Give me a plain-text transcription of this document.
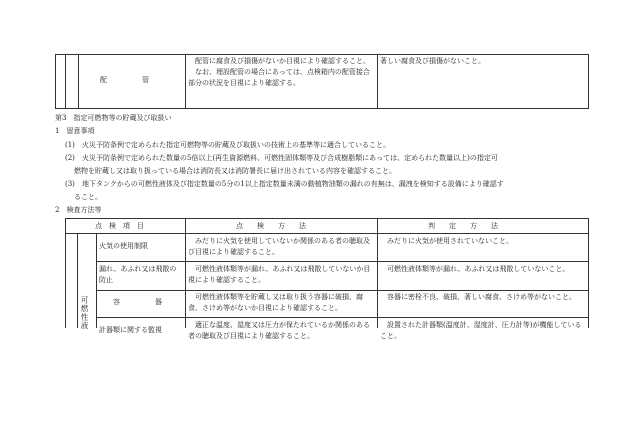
配　　　　　管
　配管に腐食及び損傷がないか目視により確認すること。
　なお、埋設配管の場合にあっては、点検箱内の配管接合部分の状況を目視により確認する。
著しい腐食及び損傷がないこと。
第3　指定可燃物等の貯蔵及び取扱い
1　留意事項
(1) 火災予防条例で定められた指定可燃物等の貯蔵及び取扱いの技術上の基準等に適合していること。
(2) 火災予防条例で定められた数量の5倍以上(再生資源燃料、可燃性固体類等及び合成樹脂類にあっては、定められた数量以上)の指定可
燃物を貯蔵し又は取り扱っている場合は消防長又は消防署長に届け出されている内容を確認すること。
(3) 地下タンクからの可燃性液体及び指定数量の5分の1以上指定数量未満の動植物油類の漏れの有無は、漏洩を検知する設備により確認す
ること。
2　検査方法等
点　検　項　目	点　　検　　方　　法	判　　定　　方　　法
可燃性液
火気の使用制限
　みだりに火気を使用していないか関係のある者の聴取及び目視により確認すること。
　みだりに火気が使用されていないこと。
漏れ、あふれ又は飛散の防止
　可燃性液体類等が漏れ、あふれ又は飛散していないか目視により確認すること。
　可燃性液体類等が漏れ、あふれ又は飛散していないこと。
容　　　　　器
　可燃性液体類等を貯蔵し又は取り扱う容器に破損、腐食、さけめ等がないか目視により確認すること。
　容器に密栓不良、破損、著しい腐食、さけめ等がないこと。
計器類に関する監視
　適正な温度、湿度又は圧力が保たれているか関係のある者の聴取及び目視により確認すること。
　設置された計器類(温度計、湿度計、圧力計等)が機能していること。
